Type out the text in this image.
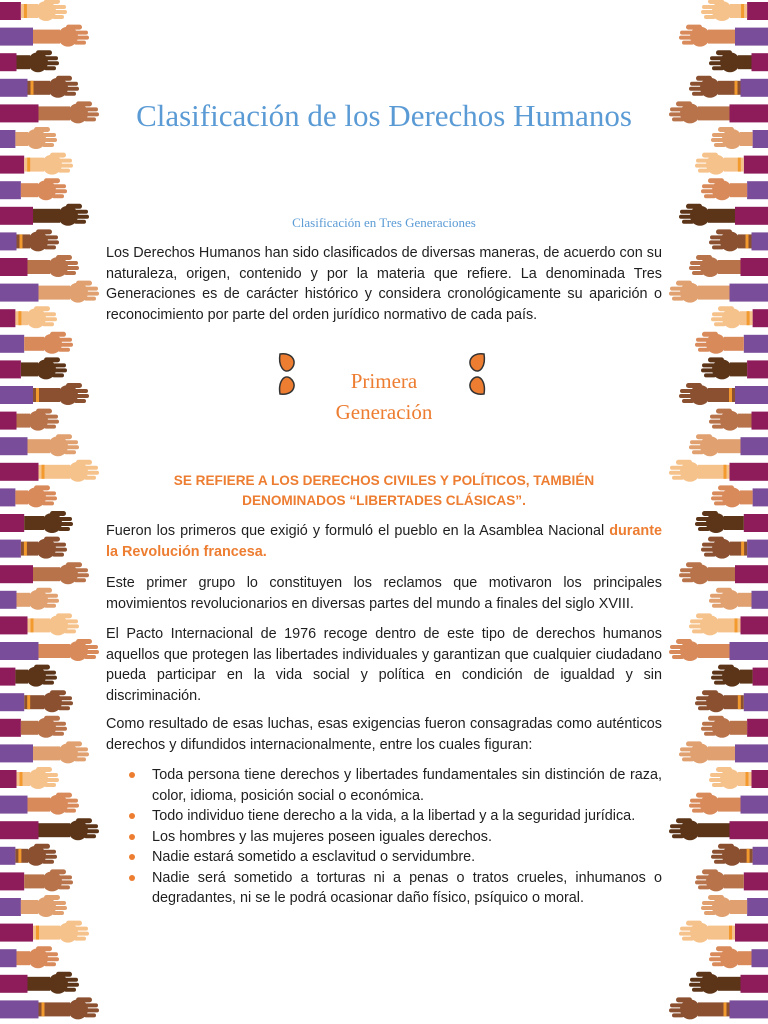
Clasificación de los Derechos Humanos

Clasificación en Tres Generaciones

Los Derechos Humanos han sido clasificados de diversas maneras, de acuerdo con su naturaleza, origen, contenido y por la materia que refiere. La denominada Tres Generaciones es de carácter histórico y considera cronológicamente su aparición o reconocimiento por parte del orden jurídico normativo de cada país.

Primera
Generación

SE REFIERE A LOS DERECHOS CIVILES Y POLÍTICOS, TAMBIÉN DENOMINADOS “LIBERTADES CLÁSICAS”.

Fueron los primeros que exigió y formuló el pueblo en la Asamblea Nacional durante la Revolución francesa.

Este primer grupo lo constituyen los reclamos que motivaron los principales movimientos revolucionarios en diversas partes del mundo a finales del siglo XVIII.

El Pacto Internacional de 1976 recoge dentro de este tipo de derechos humanos aquellos que protegen las libertades individuales y garantizan que cualquier ciudadano pueda participar en la vida social y política en condición de igualdad y sin discriminación.

Como resultado de esas luchas, esas exigencias fueron consagradas como auténticos derechos y difundidos internacionalmente, entre los cuales figuran:

Toda persona tiene derechos y libertades fundamentales sin distinción de raza, color, idioma, posición social o económica.
Todo individuo tiene derecho a la vida, a la libertad y a la seguridad jurídica.
Los hombres y las mujeres poseen iguales derechos.
Nadie estará sometido a esclavitud o servidumbre.
Nadie será sometido a torturas ni a penas o tratos crueles, inhumanos o degradantes, ni se le podrá ocasionar daño físico, psíquico o moral.
